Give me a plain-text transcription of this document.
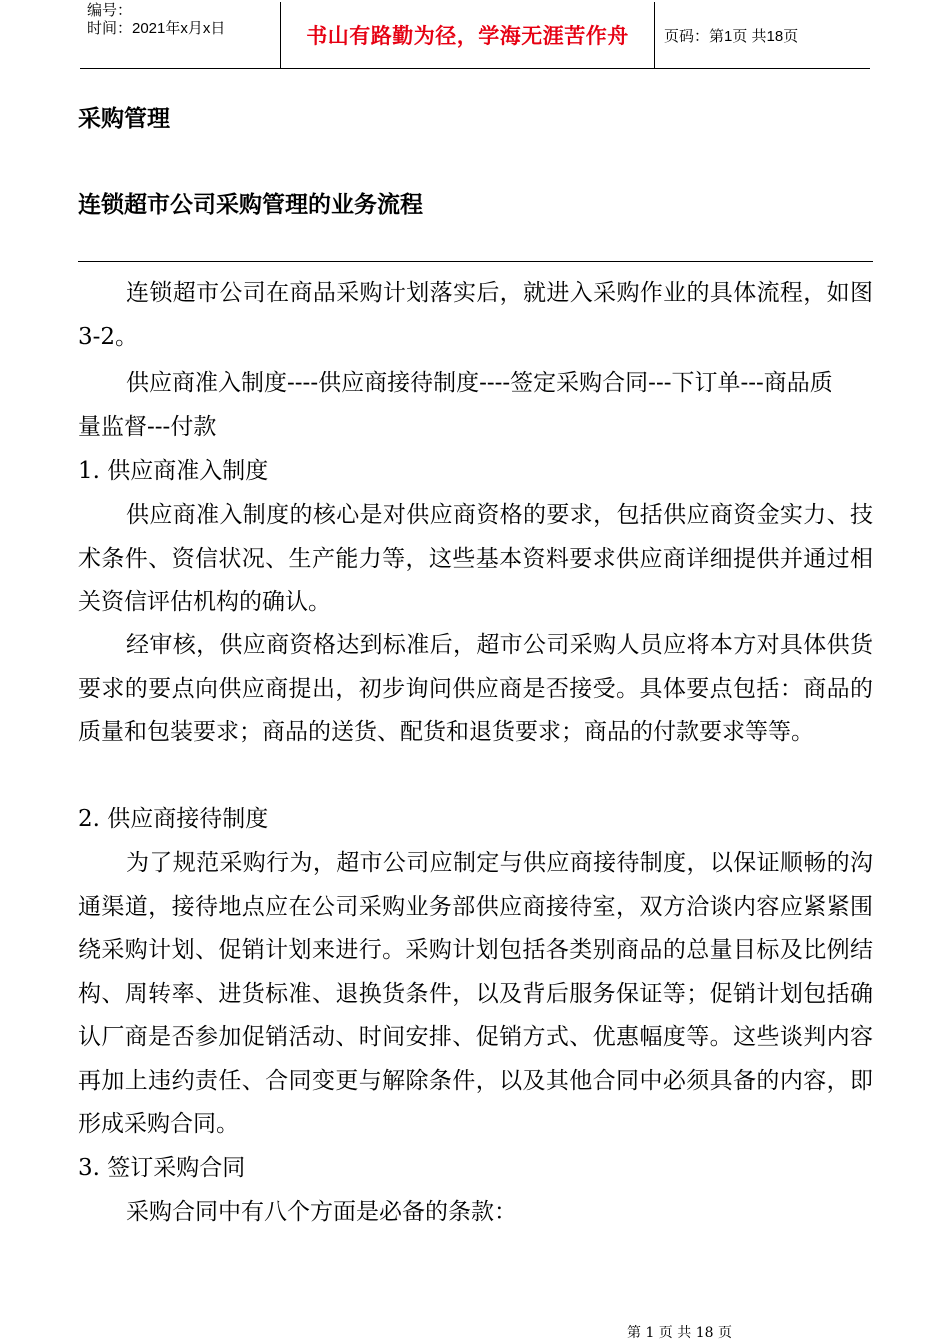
编号：
时间：2021年x月x日	书山有路勤为径，学海无涯苦作舟	页码：第1页 共18页
采购管理
连锁超市公司采购管理的业务流程

连锁超市公司在商品采购计划落实后，就进入采购作业的具体流程，如图3-2。

供应商准入制度----供应商接待制度----签定采购合同---下订单---商品质量监督---付款

1. 供应商准入制度

供应商准入制度的核心是对供应商资格的要求，包括供应商资金实力、技术条件、资信状况、生产能力等，这些基本资料要求供应商详细提供并通过相关资信评估机构的确认。

经审核，供应商资格达到标准后，超市公司采购人员应将本方对具体供货要求的要点向供应商提出，初步询问供应商是否接受。具体要点包括：商品的质量和包装要求；商品的送货、配货和退货要求；商品的付款要求等等。

2. 供应商接待制度

为了规范采购行为，超市公司应制定与供应商接待制度，以保证顺畅的沟通渠道，接待地点应在公司采购业务部供应商接待室，双方洽谈内容应紧紧围绕采购计划、促销计划来进行。采购计划包括各类别商品的总量目标及比例结构、周转率、进货标准、退换货条件，以及背后服务保证等；促销计划包括确认厂商是否参加促销活动、时间安排、促销方式、优惠幅度等。这些谈判内容再加上违约责任、合同变更与解除条件，以及其他合同中必须具备的内容，即形成采购合同。

3. 签订采购合同

采购合同中有八个方面是必备的条款：

第 1 页 共 18 页
